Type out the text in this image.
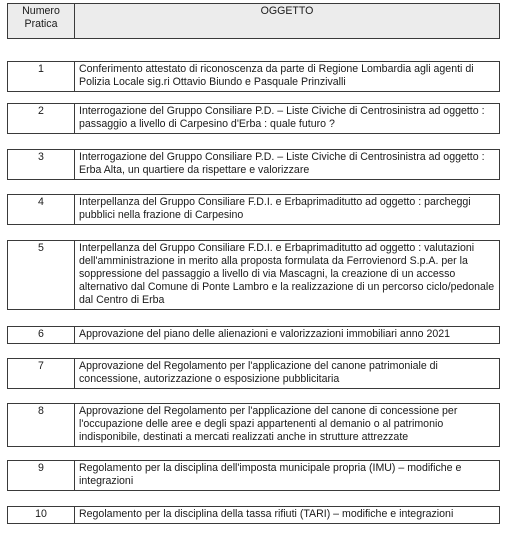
Numero
Pratica	OGGETTO
1	Conferimento attestato di riconoscenza da parte di Regione Lombardia agli agenti di Polizia Locale sig.ri Ottavio Biundo e Pasquale Prinzivalli
2	Interrogazione del Gruppo Consiliare P.D. – Liste Civiche di Centrosinistra ad oggetto : passaggio a livello di Carpesino d'Erba : quale futuro ?
3	Interrogazione del Gruppo Consiliare P.D. – Liste Civiche di Centrosinistra ad oggetto : Erba Alta, un quartiere da rispettare e valorizzare
4	Interpellanza del Gruppo Consiliare F.D.I. e Erbaprimaditutto ad oggetto : parcheggi pubblici nella frazione di Carpesino
5	Interpellanza del Gruppo Consiliare F.D.I. e Erbaprimaditutto ad oggetto : valutazioni dell'amministrazione in merito alla proposta formulata da Ferrovienord S.p.A. per la soppressione del passaggio a livello di via Mascagni, la creazione di un accesso alternativo dal Comune di Ponte Lambro e la realizzazione di un percorso ciclo/pedonale dal Centro di Erba
6	Approvazione del piano delle alienazioni e valorizzazioni immobiliari anno 2021
7	Approvazione del Regolamento per l'applicazione del canone patrimoniale di concessione, autorizzazione o esposizione pubblicitaria
8	Approvazione del Regolamento per l'applicazione del canone di concessione per l'occupazione delle aree e degli spazi appartenenti al demanio o al patrimonio indisponibile, destinati a mercati realizzati anche in strutture attrezzate
9	Regolamento per la disciplina dell'imposta municipale propria (IMU) – modifiche e integrazioni
10	Regolamento per la disciplina della tassa rifiuti (TARI) – modifiche e integrazioni
